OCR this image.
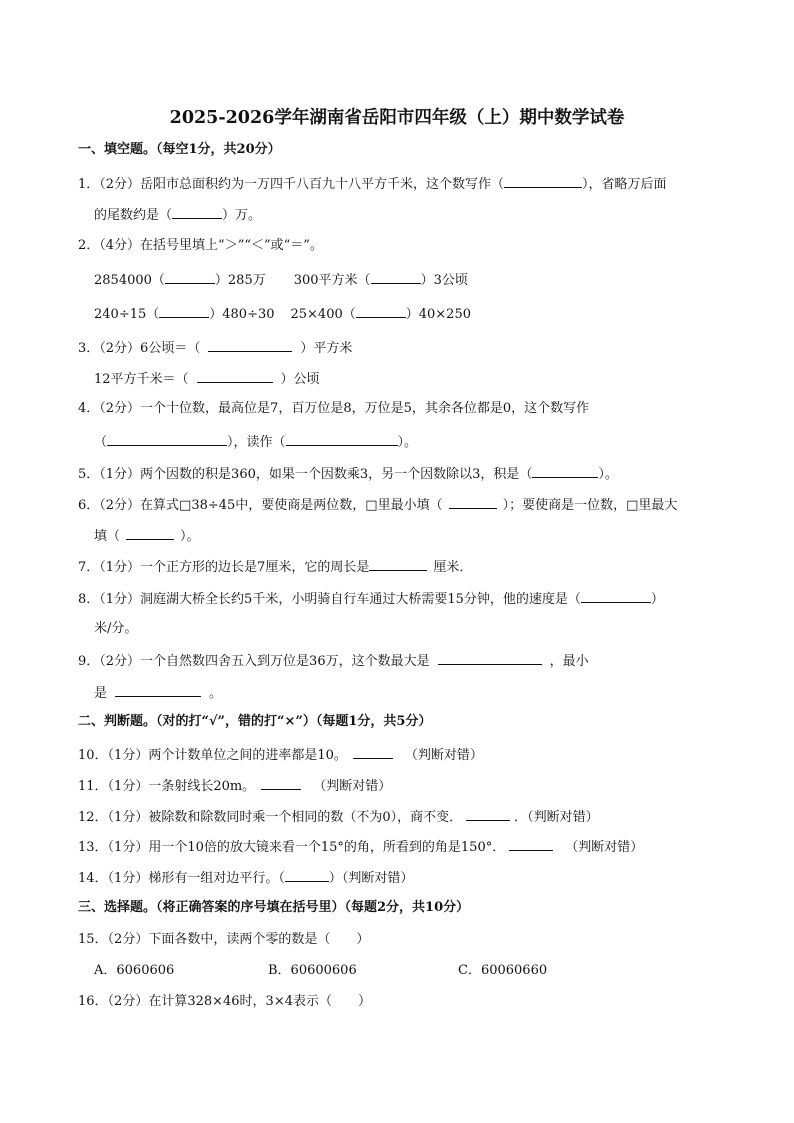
2025-2026学年湖南省岳阳市四年级（上）期中数学试卷
一、填空题。（每空1分，共20分）
1．（2分）岳阳市总面积约为一万四千八百九十八平方千米，这个数写作（	），省略万后面
的尾数约是（	）万。
2．（4分）在括号里填上“＞”“＜”或“＝”。
2854000（	）285万 300平方米（	）3公顷
240÷15（	）480÷30 25×400（	）40×250
3．（2分）6公顷＝（	）平方米
12平方千米＝（	）公顷
4．（2分）一个十位数，最高位是7，百万位是8，万位是5，其余各位都是0，这个数写作
（	），读作（	）。
5．（1分）两个因数的积是360，如果一个因数乘3，另一个因数除以3，积是（	）。
6．（2分）在算式□38÷45中，要使商是两位数，□里最小填（	）；要使商是一位数，□里最大
填（	）。
7．（1分）一个正方形的边长是7厘米，它的周长是	厘米．
8．（1分）洞庭湖大桥全长约5千米，小明骑自行车通过大桥需要15分钟，他的速度是（	）
米/分。
9．（2分）一个自然数四舍五入到万位是36万，这个数最大是	，最小
是	。
二、判断题。（对的打“√”，错的打“×”）（每题1分，共5分）
10．（1分）两个计数单位之间的进率都是10。	（判断对错）
11．（1分）一条射线长20m。	（判断对错）
12．（1分）被除数和除数同时乘一个相同的数（不为0），商不变．	．（判断对错）
13．（1分）用一个10倍的放大镜来看一个15°的角，所看到的角是150°．	（判断对错）
14．（1分）梯形有一组对边平行。（	）（判断对错）
三、选择题。（将正确答案的序号填在括号里）（每题2分，共10分）
15．（2分）下面各数中，读两个零的数是（　　）
A．6060606	B．60600606	C．60060660
16．（2分）在计算328×46时，3×4表示（　　）
